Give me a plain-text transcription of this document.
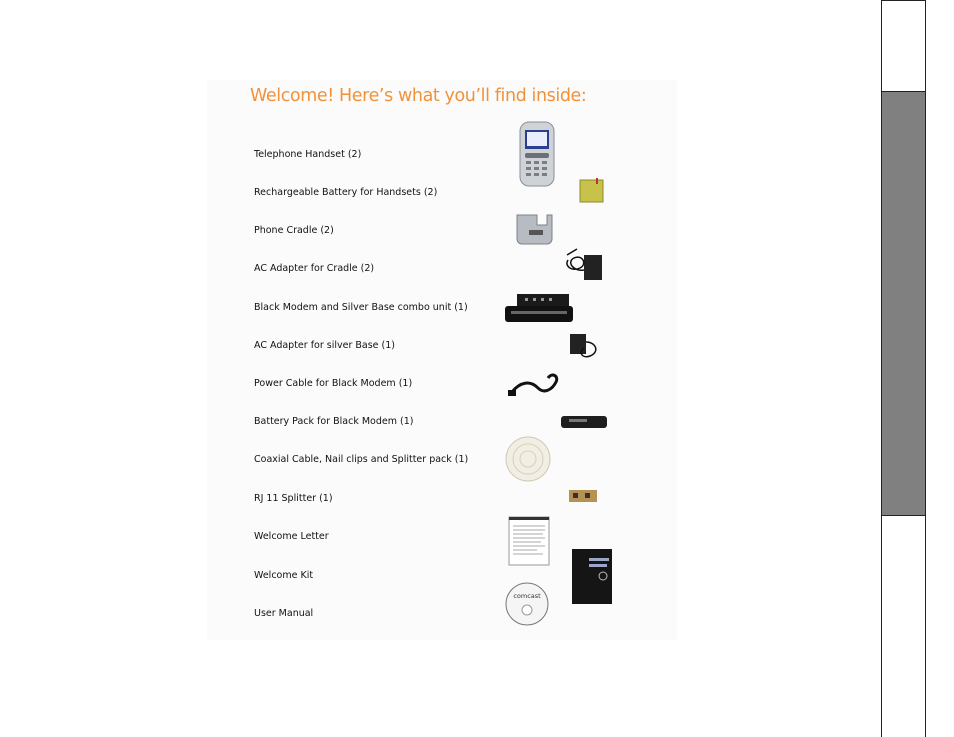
Welcome! Here’s what you’ll find inside:
Telephone Handset (2)
Rechargeable Battery for Handsets (2)
Phone Cradle (2)
AC Adapter for Cradle (2)
Black Modem and Silver Base combo unit (1)
AC Adapter for silver Base (1)
Power Cable for Black Modem (1)
Battery Pack for Black Modem (1)
Coaxial Cable, Nail clips and Splitter pack (1)
RJ 11 Splitter (1)
Welcome Letter
Welcome Kit
User Manual
comcast
